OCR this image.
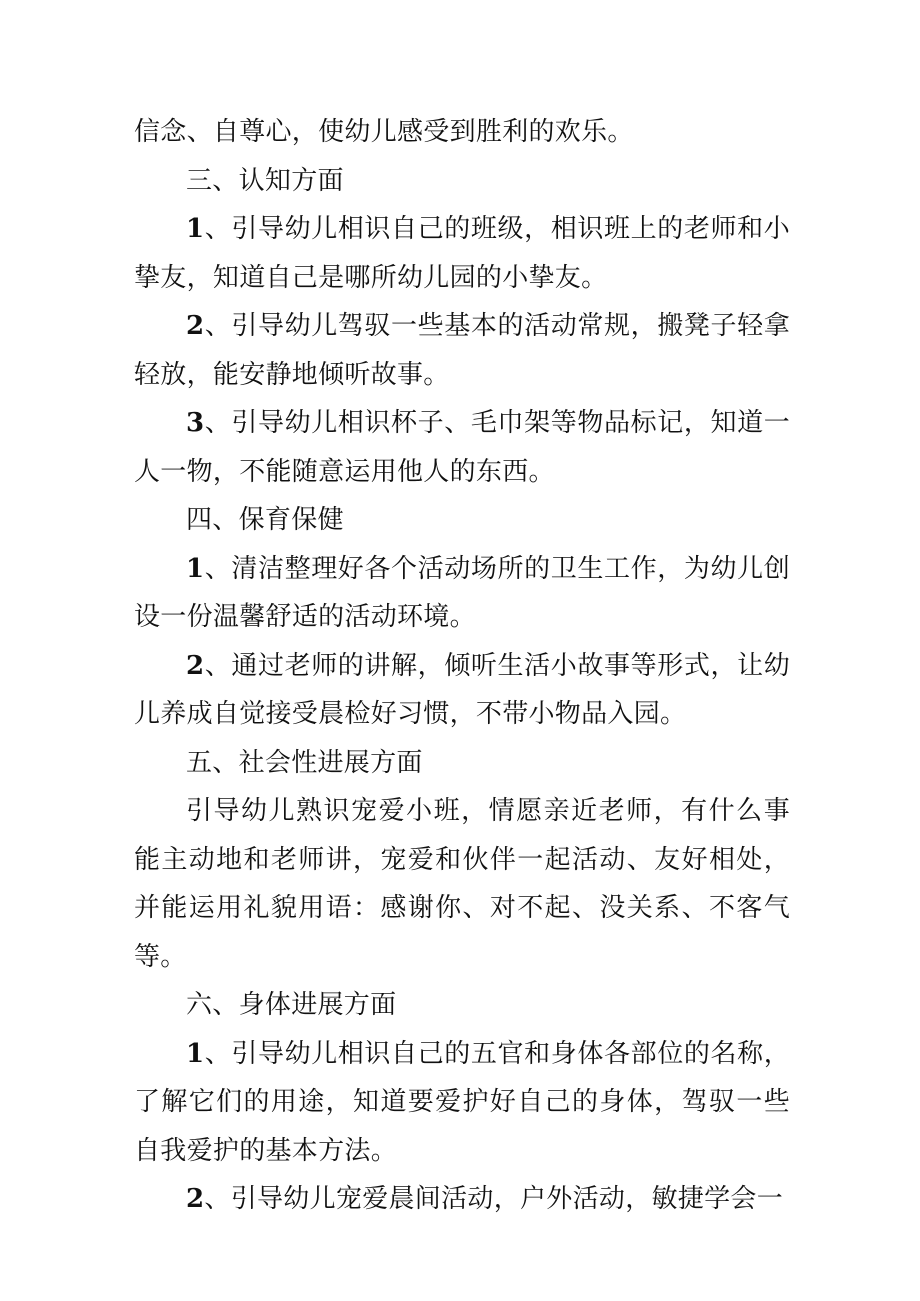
信念、自尊心，使幼儿感受到胜利的欢乐。

三、认知方面

1、引导幼儿相识自己的班级，相识班上的老师和小挚友，知道自己是哪所幼儿园的小挚友。

2、引导幼儿驾驭一些基本的活动常规，搬凳子轻拿轻放，能安静地倾听故事。

3、引导幼儿相识杯子、毛巾架等物品标记，知道一人一物，不能随意运用他人的东西。

四、保育保健

1、清洁整理好各个活动场所的卫生工作，为幼儿创设一份温馨舒适的活动环境。

2、通过老师的讲解，倾听生活小故事等形式，让幼儿养成自觉接受晨检好习惯，不带小物品入园。

五、社会性进展方面

引导幼儿熟识宠爱小班，情愿亲近老师，有什么事能主动地和老师讲，宠爱和伙伴一起活动、友好相处，并能运用礼貌用语：感谢你、对不起、没关系、不客气等。

六、身体进展方面

1、引导幼儿相识自己的五官和身体各部位的名称，了解它们的用途，知道要爱护好自己的身体，驾驭一些自我爱护的基本方法。

2、引导幼儿宠爱晨间活动，户外活动，敏捷学会一
